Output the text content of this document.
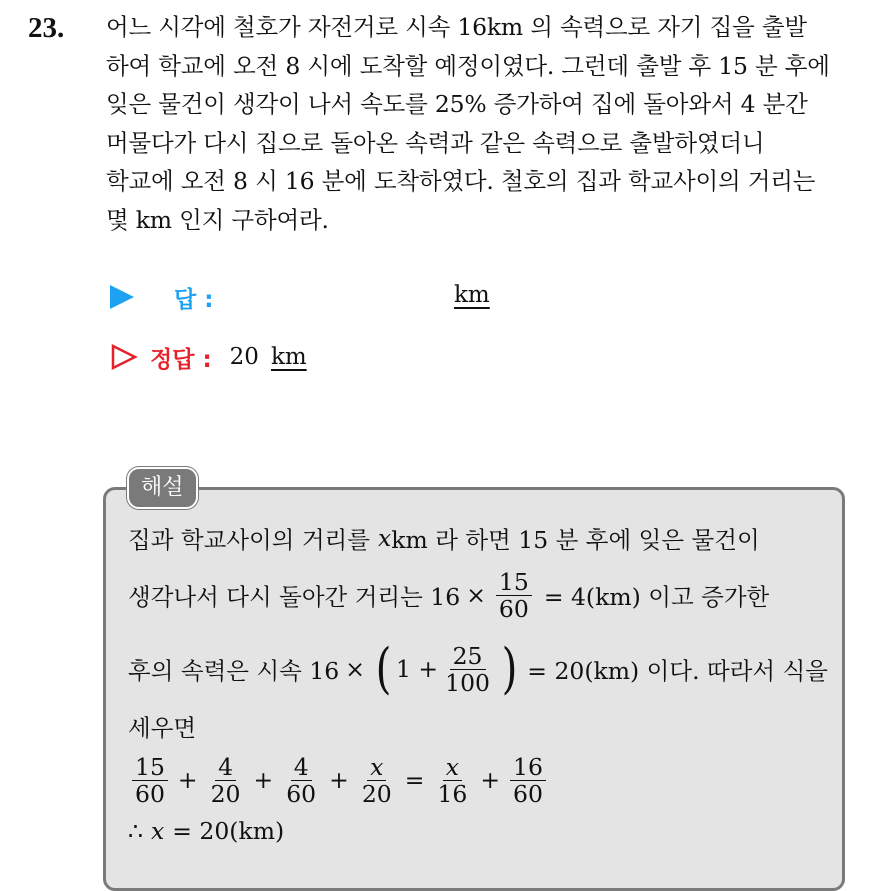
23. 어느 시각에 철호가 자전거로 시속 16km 의 속력으로 자기 집을 출발
하여 학교에 오전 8 시에 도착할 예정이였다. 그런데 출발 후 15 분 후에
잊은 물건이 생각이 나서 속도를 25% 증가하여 집에 돌아와서 4 분간
머물다가 다시 집으로 돌아온 속력과 같은 속력으로 출발하였더니
학교에 오전 8 시 16 분에 도착하였다. 철호의 집과 학교사이의 거리는
몇 km 인지 구하여라.
답 :	km
정답 : 20 km
해설
집과 학교사이의 거리를 x km 라 하면 15 분 후에 잊은 물건이
생각나서 다시 돌아간 거리는 $16 \times \frac{15}{60} = 4(km)$ 이고 증가한
후의 속력은 시속 16 × ( $1 + \frac{25}{100}$ ) = 20(km) 이다. 따라서 식을
세우면
$\frac{15}{60} + \frac{4}{20} + \frac{4}{60} + \frac{x}{20} = \frac{x}{16} + \frac{16}{60}$
∴ x = 20(km)
